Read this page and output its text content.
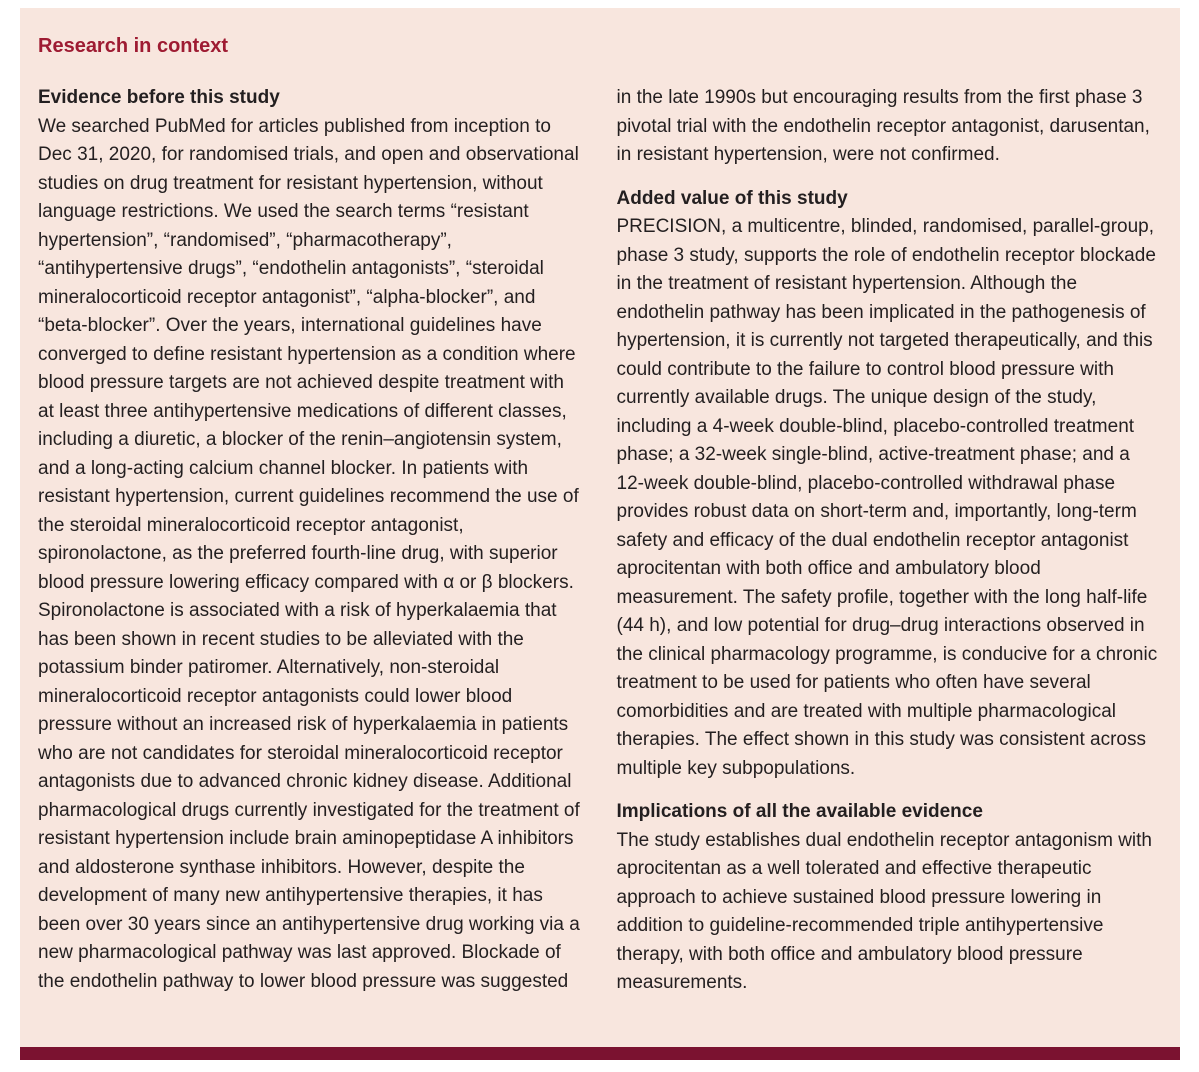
Research in context
Evidence before this study

We searched PubMed for articles published from inception to Dec 31, 2020, for randomised trials, and open and observational studies on drug treatment for resistant hypertension, without language restrictions. We used the search terms “resistant hypertension”, “randomised”, “pharmacotherapy”, “antihypertensive drugs”, “endothelin antagonists”, “steroidal mineralocorticoid receptor antagonist”, “alpha-blocker”, and “beta-blocker”. Over the years, international guidelines have converged to define resistant hypertension as a condition where blood pressure targets are not achieved despite treatment with at least three antihypertensive medications of different classes, including a diuretic, a blocker of the renin–angiotensin system, and a long-acting calcium channel blocker. In patients with resistant hypertension, current guidelines recommend the use of the steroidal mineralocorticoid receptor antagonist, spironolactone, as the preferred fourth-line drug, with superior blood pressure lowering efficacy compared with α or β blockers. Spironolactone is associated with a risk of hyperkalaemia that has been shown in recent studies to be alleviated with the potassium binder patiromer. Alternatively, non-steroidal mineralocorticoid receptor antagonists could lower blood pressure without an increased risk of hyperkalaemia in patients who are not candidates for steroidal mineralocorticoid receptor antagonists due to advanced chronic kidney disease. Additional pharmacological drugs currently investigated for the treatment of resistant hypertension include brain aminopeptidase A inhibitors and aldosterone synthase inhibitors. However, despite the development of many new antihypertensive therapies, it has been over 30 years since an antihypertensive drug working via a new pharmacological pathway was last approved. Blockade of the endothelin pathway to lower blood pressure was suggested in the late 1990s but encouraging results from the first phase 3 pivotal trial with the endothelin receptor antagonist, darusentan, in resistant hypertension, were not confirmed.

Added value of this study

PRECISION, a multicentre, blinded, randomised, parallel-group, phase 3 study, supports the role of endothelin receptor blockade in the treatment of resistant hypertension. Although the endothelin pathway has been implicated in the pathogenesis of hypertension, it is currently not targeted therapeutically, and this could contribute to the failure to control blood pressure with currently available drugs. The unique design of the study, including a 4-week double-blind, placebo-controlled treatment phase; a 32-week single-blind, active-treatment phase; and a 12-week double-blind, placebo-controlled withdrawal phase provides robust data on short-term and, importantly, long-term safety and efficacy of the dual endothelin receptor antagonist aprocitentan with both office and ambulatory blood measurement. The safety profile, together with the long half-life (44 h), and low potential for drug–drug interactions observed in the clinical pharmacology programme, is conducive for a chronic treatment to be used for patients who often have several comorbidities and are treated with multiple pharmacological therapies. The effect shown in this study was consistent across multiple key subpopulations.

Implications of all the available evidence

The study establishes dual endothelin receptor antagonism with aprocitentan as a well tolerated and effective therapeutic approach to achieve sustained blood pressure lowering in addition to guideline-recommended triple antihypertensive therapy, with both office and ambulatory blood pressure measurements.
